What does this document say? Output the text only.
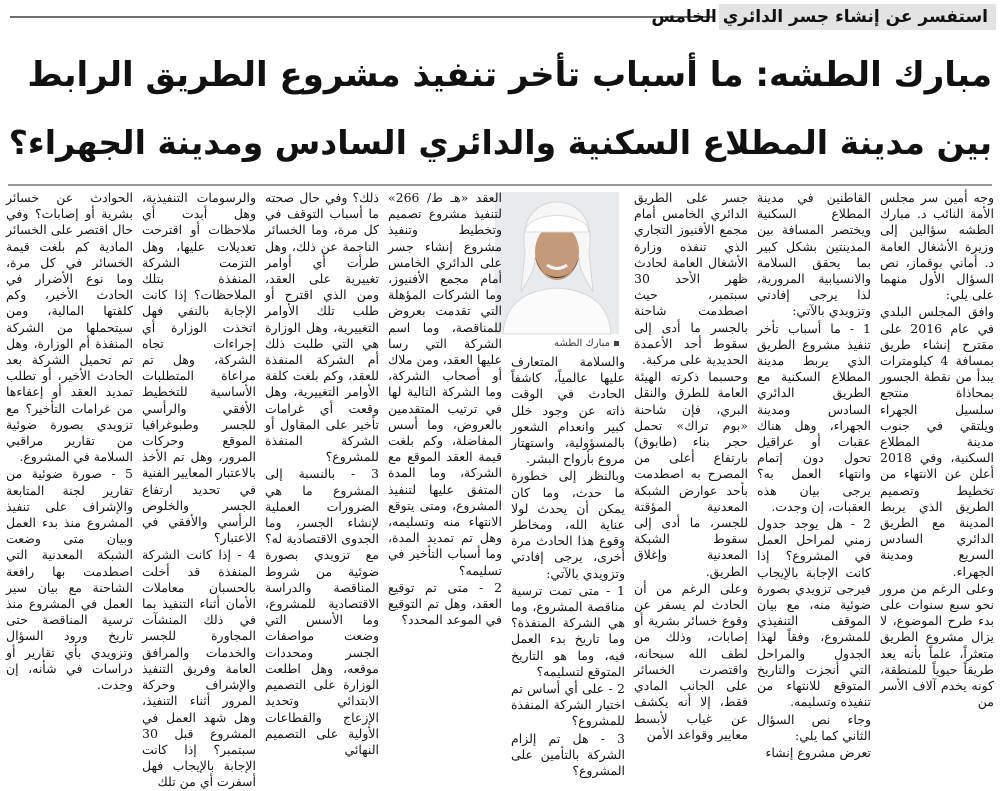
استفسر عن إنشاء جسر الدائري الخامس
مبارك الطشه: ما أسباب تأخر تنفيذ مشروع الطريق الرابط
بين مدينة المطلاع السكنية والدائري السادس ومدينة الجهراء؟
مبارك الطشه

وجه أمين سر مجلس الأمة النائب د. مبارك الطشه سؤالين إلى وزيرة الأشغال العامة د. أماني بوقماز، نص السؤال الأول منهما على يلي:

وافق المجلس البلدي في عام 2016 على مقترح إنشاء طريق بمسافة 4 كيلومترات يبدأ من نقطة الجسور بمحاذاة منتجع سلسيل الجهراء ويلتقي في جنوب مدينة المطلاع السكنية، وفي 2018 أعلن عن الانتهاء من تخطيط وتصميم الطريق الذي يربط المدينة مع الطريق الدائري السادس السريع ومدينة الجهراء.

وعلى الرغم من مرور نحو سبع سنوات على بدء طرح الموضوع، لا يزال مشروع الطريق متعثراً، علماً بأنه يعد طريقاً حيوياً للمنطقة، كونه يخدم آلاف الأسر من

القاطنين في مدينة المطلاع السكنية ويختصر المسافة بين المدينتين بشكل كبير بما يحقق السلامة والانسيابية المرورية، لذا يرجى إفادتي وتزويدي بالآتي:

1 - ما أسباب تأخر تنفيذ مشروع الطريق الذي يربط مدينة المطلاع السكنية مع الطريق الدائري السادس ومدينة الجهراء، وهل هناك عقبات أو عراقيل تحول دون إتمام وانتهاء العمل به؟ يرجى بيان هذه العقبات، إن وجدت.

2 - هل يوجد جدول زمني لمراحل العمل في المشروع؟ إذا كانت الإجابة بالإيجاب فيرجى تزويدي بصورة ضوئية منه، مع بيان الموقف التنفيذي للمشروع، وفقاً لهذا الجدول والمراحل التي أنجزت والتاريخ المتوقع للانتهاء من تنفيذه وتسليمه.

وجاء نص السؤال الثاني كما يلي:

تعرض مشروع إنشاء

جسر على الطريق الدائري الخامس أمام مجمع الأفنيوز التجاري الذي تنفذه وزارة الأشغال العامة لحادث ظهر الأحد 30 سبتمبر، حيث اصطدمت شاحنة بالجسر ما أدى إلى سقوط أحد الأعمدة الحديدية على مركبة.

وحسبما ذكرته الهيئة العامة للطرق والنقل البري، فإن شاحنة «بوم تراك» تحمل حجر بناء (طابوق) بارتفاع أعلى من المصرح به اصطدمت بأحد عوارض الشبكة المعدنية المؤقتة للجسر، ما أدى إلى سقوط الشبكة المعدنية وإغلاق الطريق.

وعلى الرغم من أن الحادث لم يسفر عن وقوع خسائر بشرية أو إصابات، وذلك من لطف الله سبحانه، واقتصرت الخسائر على الجانب المادي فقط، إلا أنه يكشف عن غياب لأبسط معايير وقواعد الأمن

والسلامة المتعارف عليها عالمياً، كاشفاً الحادث في الوقت ذاته عن وجود خلل كبير وانعدام الشعور بالمسؤولية، واستهتار مروع بأرواح البشر.

وبالنظر إلى خطورة ما حدث، وما كان يمكن أن يحدث لولا عناية الله، ومخاطر وقوع هذا الحادث مرة أخرى، يرجى إفادتي وتزويدي بالآتي:

1 - متى تمت ترسية مناقصة المشروع، وما هي الشركة المنفذة؟ وما تاريخ بدء العمل فيه، وما هو التاريخ المتوقع لتسليمه؟

2 - على أي أساس تم اختيار الشركة المنفذة للمشروع؟

3 - هل تم إلزام الشركة بالتأمين على المشروع؟

العقد «هـ ط/ 266» لتنفيذ مشروع تصميم وتخطيط وتنفيذ مشروع إنشاء جسر على الدائري الخامس أمام مجمع الأفنيوز، وما الشركات المؤهلة التي تقدمت بعروض للمناقصة، وما اسم الشركة التي رسا عليها العقد، ومن ملاك أو أصحاب الشركة، وما الشركة التالية لها في ترتيب المتقدمين بالعروض، وما أسس المفاضلة، وكم بلغت قيمة العقد الموقع مع الشركة، وما المدة المتفق عليها لتنفيذ المشروع، ومتى يتوقع الانتهاء منه وتسليمه، وهل تم تمديد المدة، وما أسباب التأخير في تسليمه؟

2 - متى تم توقيع العقد، وهل تم التوقيع في الموعد المحدد؟

ذلك؟ وفي حال صحته ما أسباب التوقف في كل مرة، وما الخسائر الناجمة عن ذلك، وهل طرأت أي أوامر تغييرية على العقد، ومن الذي اقترح أو طلب تلك الأوامر التغييرية، وهل الوزارة هي التي طلبت ذلك أم الشركة المنفذة للعقد، وكم بلغت كلفة الأوامر التغييرية، وهل وقعت أي غرامات تأخير على المقاول أو الشركة المنفذة للمشروع؟

3 - بالنسبة إلى المشروع ما هي الضرورات العملية لإنشاء الجسر، وما الجدوى الاقتصادية له؟ مع تزويدي بصورة ضوئية من شروط المناقصة والدراسة الاقتصادية للمشروع، وما الأسس التي وضعت مواصفات الجسر ومحددات موقعه، وهل اطلعت الوزارة على التصميم الابتدائي وتحديد الإزعاج والقطاعات الأولية على التصميم النهائي

والرسومات التنفيذية، وهل أبدت أي ملاحظات أو اقترحت تعديلات عليها، وهل التزمت الشركة المنفذة بتلك الملاحظات؟ إذا كانت الإجابة بالنفي فهل اتخذت الوزارة أي إجراءات تجاه الشركة، وهل تم مراعاة المتطلبات الأساسية للتخطيط الأفقي والرأسي للجسر وطبوغرافيا الموقع وحركات المرور، وهل تم الأخذ بالاعتبار المعايير الفنية في تحديد ارتفاع الجسر والخلوص الرأسي والأفقي في الاعتبار؟

4 - إذا كانت الشركة المنفذة قد أخلت بالحسبان معاملات الأمان أثناء التنفيذ بما في ذلك المنشآت المجاورة للجسر والخدمات والمرافق العامة وفريق التنفيذ والإشراف وحركة المرور أثناء التنفيذ، وهل شهد العمل في المشروع قبل 30 سبتمبر؟ إذا كانت الإجابة بالإيجاب فهل أسفرت أي من تلك

الحوادث عن خسائر بشرية أو إصابات؟ وفي حال اقتصر على الخسائر المادية كم بلغت قيمة الخسائر في كل مرة، وما نوع الأضرار في الحادث الأخير، وكم كلفتها المالية، ومن سيتحملها من الشركة المنفذة أم الوزارة، وهل تم تحميل الشركة بعد الحادث الأخير، أو تطلب تمديد العقد أو إعفاءها من غرامات التأخير؟ مع تزويدي بصورة ضوئية من تقارير مراقبي السلامة في المشروع.

5 - صورة ضوئية من تقارير لجنة المتابعة والإشراف على تنفيذ المشروع منذ بدء العمل وبيان متى وضعت الشبكة المعدنية التي اصطدمت بها رافعة الشاحنة مع بيان سير العمل في المشروع منذ ترسية المناقصة حتى تاريخ ورود السؤال وتزويدي بأي تقارير أو دراسات في شأنه، إن وجدت.
